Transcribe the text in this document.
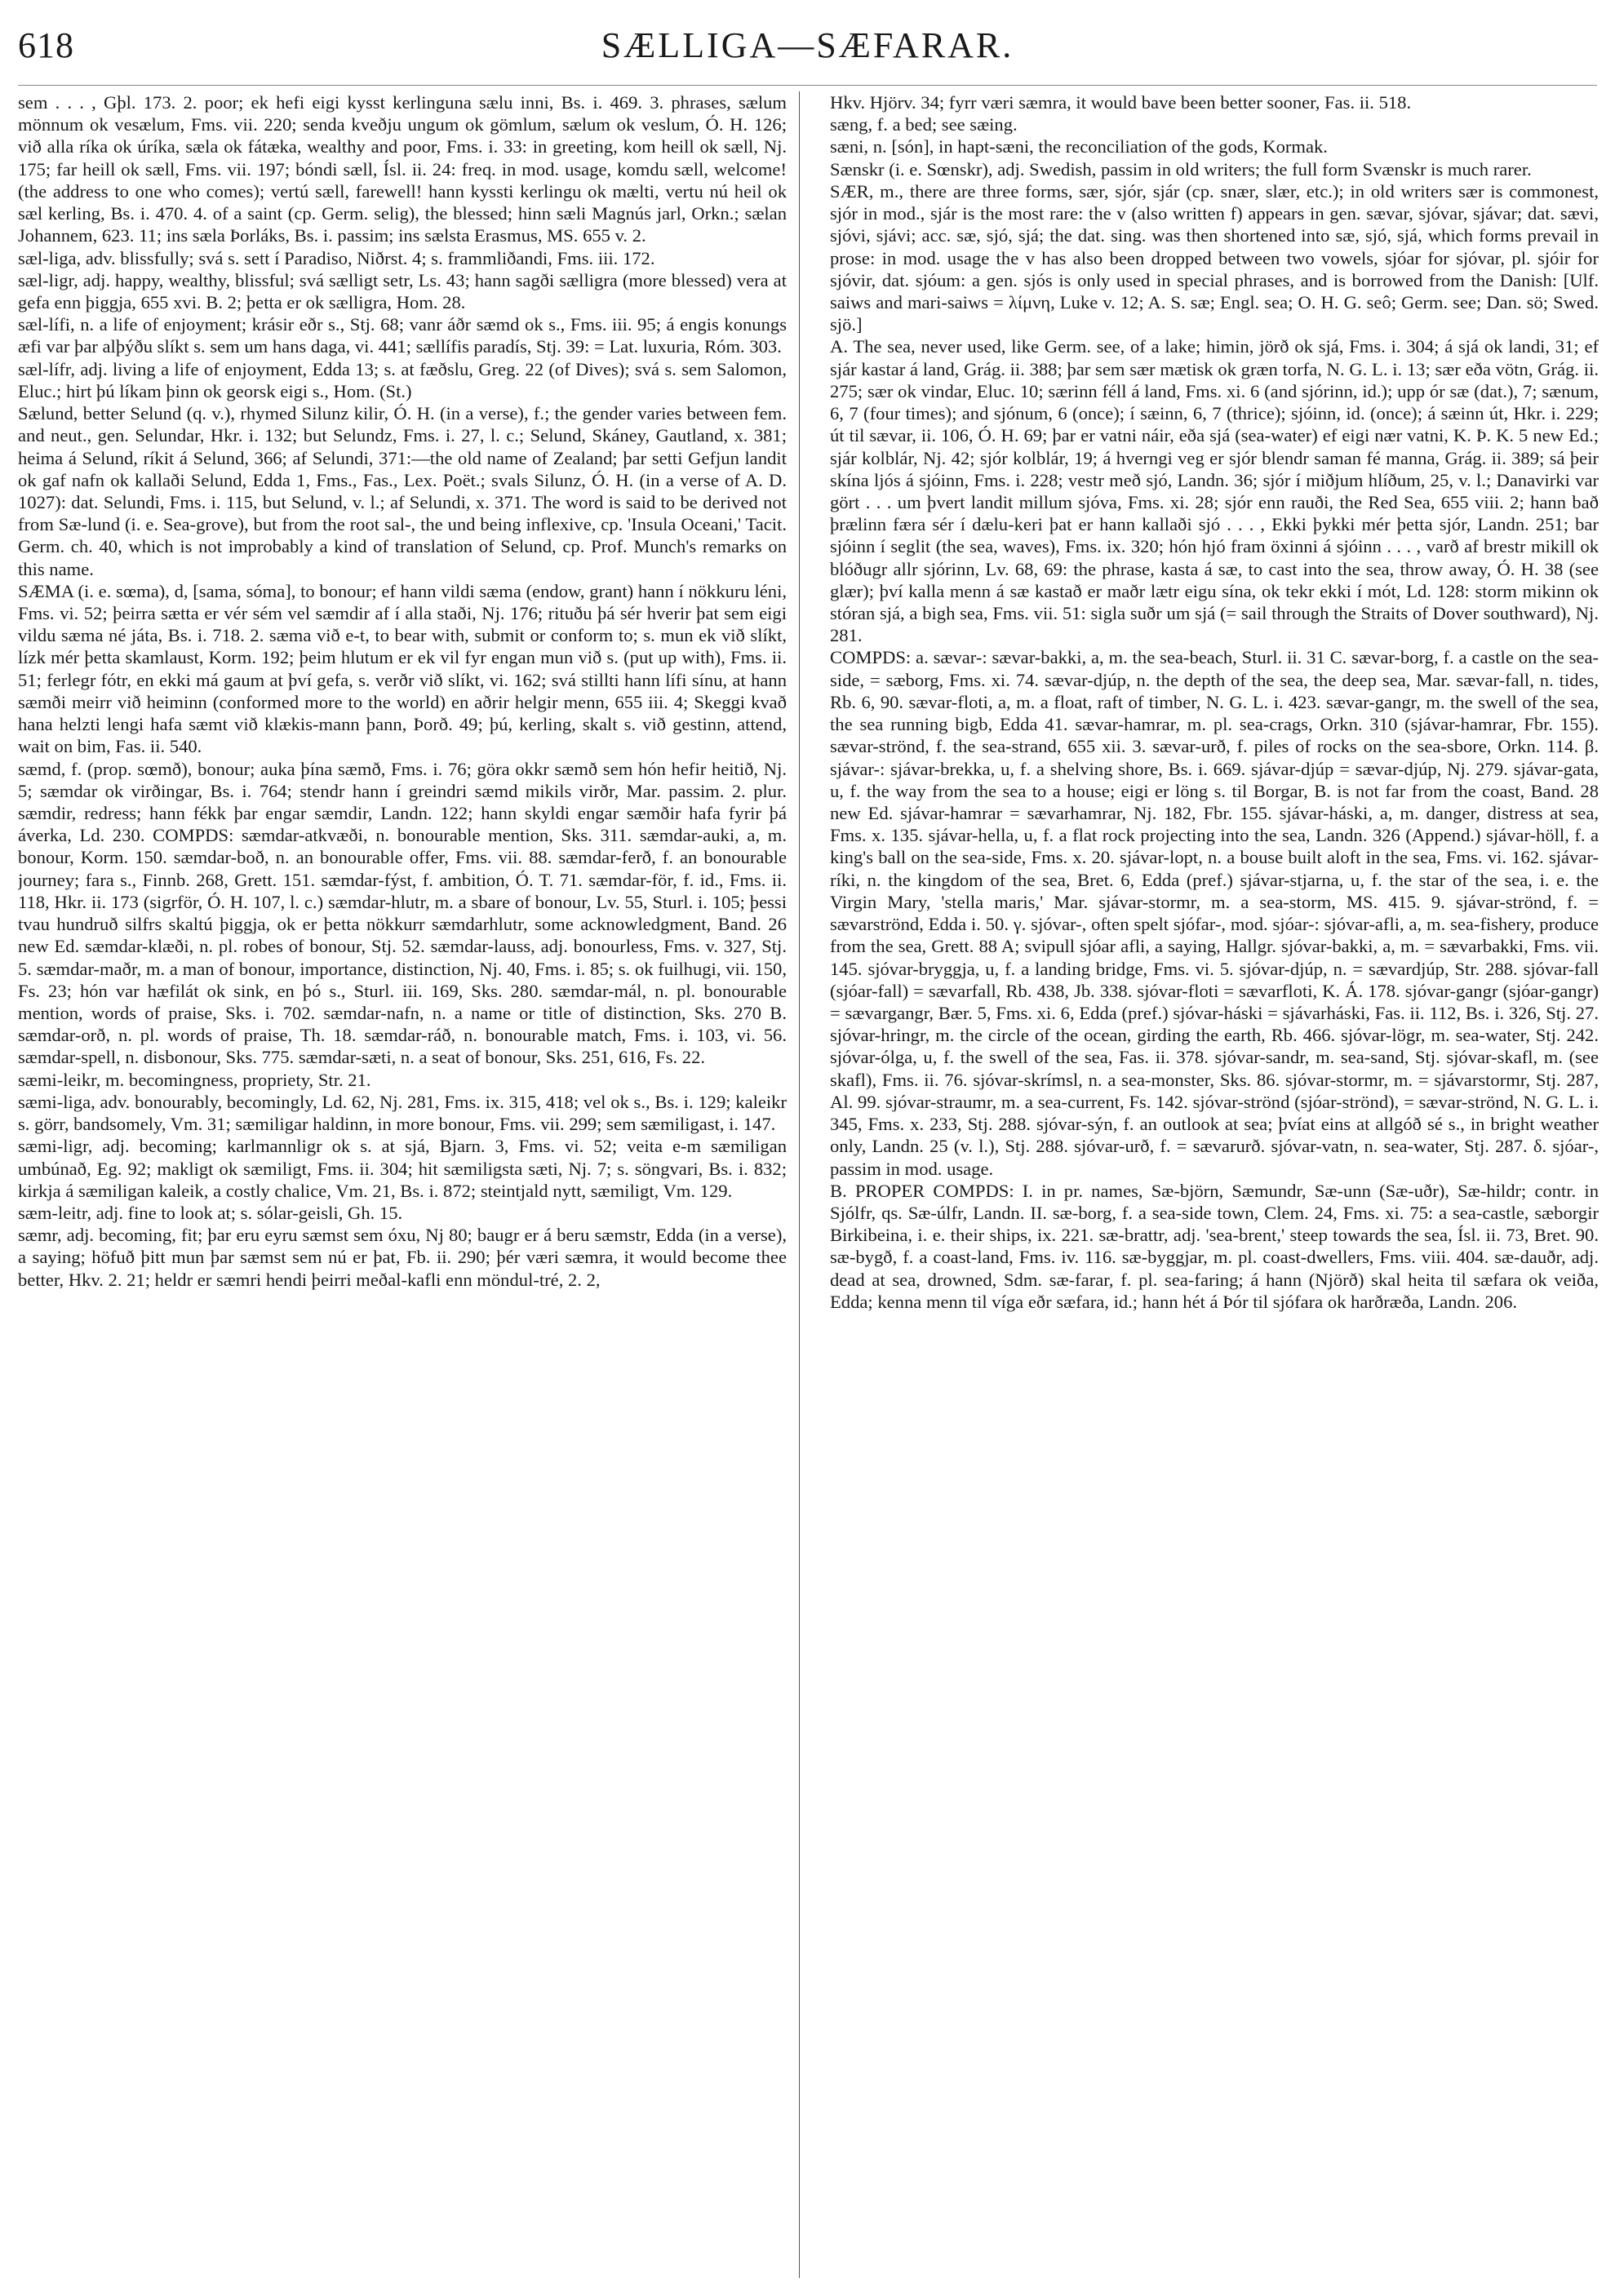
618	SÆLLIGA—SÆFARAR.

sem . . . , Gþl. 173. 2. poor; ek hefi eigi kysst kerlinguna sælu inni, Bs. i. 469. 3. phrases, sælum mönnum ok vesælum, Fms. vii. 220; senda kveðju ungum ok gömlum, sælum ok veslum, Ó. H. 126; við alla ríka ok úríka, sæla ok fátæka, wealthy and poor, Fms. i. 33: in greeting, kom heill ok sæll, Nj. 175; far heill ok sæll, Fms. vii. 197; bóndi sæll, Ísl. ii. 24: freq. in mod. usage, komdu sæll, welcome! (the address to one who comes); vertú sæll, farewell! hann kyssti kerlingu ok mælti, vertu nú heil ok sæl kerling, Bs. i. 470. 4. of a saint (cp. Germ. selig), the blessed; hinn sæli Magnús jarl, Orkn.; sælan Johannem, 623. 11; ins sæla Þorláks, Bs. i. passim; ins sælsta Erasmus, MS. 655 v. 2.

sæl-liga, adv. blissfully; svá s. sett í Paradiso, Niðrst. 4; s. frammliðandi, Fms. iii. 172.

sæl-ligr, adj. happy, wealthy, blissful; svá sælligt setr, Ls. 43; hann sagði sælligra (more blessed) vera at gefa enn þiggja, 655 xvi. B. 2; þetta er ok sælligra, Hom. 28.

sæl-lífi, n. a life of enjoyment; krásir eðr s., Stj. 68; vanr áðr sæmd ok s., Fms. iii. 95; á engis konungs æfi var þar alþýðu slíkt s. sem um hans daga, vi. 441; sællífis paradís, Stj. 39: = Lat. luxuria, Róm. 303.

sæl-lífr, adj. living a life of enjoyment, Edda 13; s. at fæðslu, Greg. 22 (of Dives); svá s. sem Salomon, Eluc.; hirt þú líkam þinn ok georsk eigi s., Hom. (St.)

Sælund, better Selund (q. v.), rhymed Silunz kilir, Ó. H. (in a verse), f.; the gender varies between fem. and neut., gen. Selundar, Hkr. i. 132; but Selundz, Fms. i. 27, l. c.; Selund, Skáney, Gautland, x. 381; heima á Selund, ríkit á Selund, 366; af Selundi, 371:—the old name of Zealand; þar setti Gefjun landit ok gaf nafn ok kallaði Selund, Edda 1, Fms., Fas., Lex. Poët.; svals Silunz, Ó. H. (in a verse of A. D. 1027): dat. Selundi, Fms. i. 115, but Selund, v. l.; af Selundi, x. 371. The word is said to be derived not from Sæ-lund (i. e. Sea-grove), but from the root sal-, the und being inflexive, cp. 'Insula Oceani,' Tacit. Germ. ch. 40, which is not improbably a kind of translation of Selund, cp. Prof. Munch's remarks on this name.

SÆMA (i. e. sœma), d, [sama, sóma], to bonour; ef hann vildi sæma (endow, grant) hann í nökkuru léni, Fms. vi. 52; þeirra sætta er vér sém vel sæmdir af í alla staði, Nj. 176; rituðu þá sér hverir þat sem eigi vildu sæma né játa, Bs. i. 718. 2. sæma við e-t, to bear with, submit or conform to; s. mun ek við slíkt, lízk mér þetta skamlaust, Korm. 192; þeim hlutum er ek vil fyr engan mun við s. (put up with), Fms. ii. 51; ferlegr fótr, en ekki má gaum at því gefa, s. verðr við slíkt, vi. 162; svá stillti hann lífi sínu, at hann sæmði meirr við heiminn (conformed more to the world) en aðrir helgir menn, 655 iii. 4; Skeggi kvað hana helzti lengi hafa sæmt við klækis-mann þann, Þorð. 49; þú, kerling, skalt s. við gestinn, attend, wait on bim, Fas. ii. 540.

sæmd, f. (prop. sœmð), bonour; auka þína sæmð, Fms. i. 76; göra okkr sæmð sem hón hefir heitið, Nj. 5; sæmdar ok virðingar, Bs. i. 764; stendr hann í greindri sæmd mikils virðr, Mar. passim. 2. plur. sæmdir, redress; hann fékk þar engar sæmdir, Landn. 122; hann skyldi engar sæmðir hafa fyrir þá áverka, Ld. 230. COMPDS: sæmdar-atkvæði, n. bonourable mention, Sks. 311. sæmdar-auki, a, m. bonour, Korm. 150. sæmdar-boð, n. an bonourable offer, Fms. vii. 88. sæmdar-ferð, f. an bonourable journey; fara s., Finnb. 268, Grett. 151. sæmdar-fýst, f. ambition, Ó. T. 71. sæmdar-för, f. id., Fms. ii. 118, Hkr. ii. 173 (sigrför, Ó. H. 107, l. c.) sæmdar-hlutr, m. a sbare of bonour, Lv. 55, Sturl. i. 105; þessi tvau hundruð silfrs skaltú þiggja, ok er þetta nökkurr sæmdarhlutr, some acknowledgment, Band. 26 new Ed. sæmdar-klæði, n. pl. robes of bonour, Stj. 52. sæmdar-lauss, adj. bonourless, Fms. v. 327, Stj. 5. sæmdar-maðr, m. a man of bonour, importance, distinction, Nj. 40, Fms. i. 85; s. ok fuilhugi, vii. 150, Fs. 23; hón var hæfilát ok sink, en þó s., Sturl. iii. 169, Sks. 280. sæmdar-mál, n. pl. bonourable mention, words of praise, Sks. i. 702. sæmdar-nafn, n. a name or title of distinction, Sks. 270 B. sæmdar-orð, n. pl. words of praise, Th. 18. sæmdar-ráð, n. bonourable match, Fms. i. 103, vi. 56. sæmdar-spell, n. disbonour, Sks. 775. sæmdar-sæti, n. a seat of bonour, Sks. 251, 616, Fs. 22.

sæmi-leikr, m. becomingness, propriety, Str. 21.

sæmi-liga, adv. bonourably, becomingly, Ld. 62, Nj. 281, Fms. ix. 315, 418; vel ok s., Bs. i. 129; kaleikr s. görr, bandsomely, Vm. 31; sæmiligar haldinn, in more bonour, Fms. vii. 299; sem sæmiligast, i. 147.

sæmi-ligr, adj. becoming; karlmannligr ok s. at sjá, Bjarn. 3, Fms. vi. 52; veita e-m sæmiligan umbúnað, Eg. 92; makligt ok sæmiligt, Fms. ii. 304; hit sæmiligsta sæti, Nj. 7; s. söngvari, Bs. i. 832; kirkja á sæmiligan kaleik, a costly chalice, Vm. 21, Bs. i. 872; steintjald nytt, sæmiligt, Vm. 129.

sæm-leitr, adj. fine to look at; s. sólar-geisli, Gh. 15.

sæmr, adj. becoming, fit; þar eru eyru sæmst sem óxu, Nj 80; baugr er á beru sæmstr, Edda (in a verse), a saying; höfuð þitt mun þar sæmst sem nú er þat, Fb. ii. 290; þér væri sæmra, it would become thee better, Hkv. 2. 21; heldr er sæmri hendi þeirri meðal-kafli enn möndul-tré, 2. 2,

Hkv. Hjörv. 34; fyrr væri sæmra, it would bave been better sooner, Fas. ii. 518.

sæng, f. a bed; see sæing.

sæni, n. [són], in hapt-sæni, the reconciliation of the gods, Kormak.

Sænskr (i. e. Sœnskr), adj. Swedish, passim in old writers; the full form Svænskr is much rarer.

SÆR, m., there are three forms, sær, sjór, sjár (cp. snær, slær, etc.); in old writers sær is commonest, sjór in mod., sjár is the most rare: the v (also written f) appears in gen. sævar, sjóvar, sjávar; dat. sævi, sjóvi, sjávi; acc. sæ, sjó, sjá; the dat. sing. was then shortened into sæ, sjó, sjá, which forms prevail in prose: in mod. usage the v has also been dropped between two vowels, sjóar for sjóvar, pl. sjóir for sjóvir, dat. sjóum: a gen. sjós is only used in special phrases, and is borrowed from the Danish: [Ulf. saiws and mari-saiws = λίμνη, Luke v. 12; A. S. sæ; Engl. sea; O. H. G. seô; Germ. see; Dan. sö; Swed. sjö.]

A. The sea, never used, like Germ. see, of a lake; himin, jörð ok sjá, Fms. i. 304; á sjá ok landi, 31; ef sjár kastar á land, Grág. ii. 388; þar sem sær mætisk ok græn torfa, N. G. L. i. 13; sær eða vötn, Grág. ii. 275; sær ok vindar, Eluc. 10; særinn féll á land, Fms. xi. 6 (and sjórinn, id.); upp ór sæ (dat.), 7; sænum, 6, 7 (four times); and sjónum, 6 (once); í sæinn, 6, 7 (thrice); sjóinn, id. (once); á sæinn út, Hkr. i. 229; út til sævar, ii. 106, Ó. H. 69; þar er vatni náir, eða sjá (sea-water) ef eigi nær vatni, K. Þ. K. 5 new Ed.; sjár kolblár, Nj. 42; sjór kolblár, 19; á hverngi veg er sjór blendr saman fé manna, Grág. ii. 389; sá þeir skína ljós á sjóinn, Fms. i. 228; vestr með sjó, Landn. 36; sjór í miðjum hlíðum, 25, v. l.; Danavirki var gört . . . um þvert landit millum sjóva, Fms. xi. 28; sjór enn rauði, the Red Sea, 655 viii. 2; hann bað þrælinn færa sér í dælu-keri þat er hann kallaði sjó . . . , Ekki þykki mér þetta sjór, Landn. 251; bar sjóinn í seglit (the sea, waves), Fms. ix. 320; hón hjó fram öxinni á sjóinn . . . , varð af brestr mikill ok blóðugr allr sjórinn, Lv. 68, 69: the phrase, kasta á sæ, to cast into the sea, throw away, Ó. H. 38 (see glær); því kalla menn á sæ kastað er maðr lætr eigu sína, ok tekr ekki í mót, Ld. 128: storm mikinn ok stóran sjá, a bigh sea, Fms. vii. 51: sigla suðr um sjá (= sail through the Straits of Dover southward), Nj. 281.

COMPDS: a. sævar-: sævar-bakki, a, m. the sea-beach, Sturl. ii. 31 C. sævar-borg, f. a castle on the sea-side, = sæborg, Fms. xi. 74. sævar-djúp, n. the depth of the sea, the deep sea, Mar. sævar-fall, n. tides, Rb. 6, 90. sævar-floti, a, m. a float, raft of timber, N. G. L. i. 423. sævar-gangr, m. the swell of the sea, the sea running bigb, Edda 41. sævar-hamrar, m. pl. sea-crags, Orkn. 310 (sjávar-hamrar, Fbr. 155). sævar-strönd, f. the sea-strand, 655 xii. 3. sævar-urð, f. piles of rocks on the sea-sbore, Orkn. 114. β. sjávar-: sjávar-brekka, u, f. a shelving shore, Bs. i. 669. sjávar-djúp = sævar-djúp, Nj. 279. sjávar-gata, u, f. the way from the sea to a house; eigi er löng s. til Borgar, B. is not far from the coast, Band. 28 new Ed. sjávar-hamrar = sævarhamrar, Nj. 182, Fbr. 155. sjávar-háski, a, m. danger, distress at sea, Fms. x. 135. sjávar-hella, u, f. a flat rock projecting into the sea, Landn. 326 (Append.) sjávar-höll, f. a king's ball on the sea-side, Fms. x. 20. sjávar-lopt, n. a bouse built aloft in the sea, Fms. vi. 162. sjávar-ríki, n. the kingdom of the sea, Bret. 6, Edda (pref.) sjávar-stjarna, u, f. the star of the sea, i. e. the Virgin Mary, 'stella maris,' Mar. sjávar-stormr, m. a sea-storm, MS. 415. 9. sjávar-strönd, f. = sævarströnd, Edda i. 50. γ. sjóvar-, often spelt sjófar-, mod. sjóar-: sjóvar-afli, a, m. sea-fishery, produce from the sea, Grett. 88 A; svipull sjóar afli, a saying, Hallgr. sjóvar-bakki, a, m. = sævarbakki, Fms. vii. 145. sjóvar-bryggja, u, f. a landing bridge, Fms. vi. 5. sjóvar-djúp, n. = sævardjúp, Str. 288. sjóvar-fall (sjóar-fall) = sævarfall, Rb. 438, Jb. 338. sjóvar-floti = sævarfloti, K. Á. 178. sjóvar-gangr (sjóar-gangr) = sævargangr, Bær. 5, Fms. xi. 6, Edda (pref.) sjóvar-háski = sjávarháski, Fas. ii. 112, Bs. i. 326, Stj. 27. sjóvar-hringr, m. the circle of the ocean, girding the earth, Rb. 466. sjóvar-lögr, m. sea-water, Stj. 242. sjóvar-ólga, u, f. the swell of the sea, Fas. ii. 378. sjóvar-sandr, m. sea-sand, Stj. sjóvar-skafl, m. (see skafl), Fms. ii. 76. sjóvar-skrímsl, n. a sea-monster, Sks. 86. sjóvar-stormr, m. = sjávarstormr, Stj. 287, Al. 99. sjóvar-straumr, m. a sea-current, Fs. 142. sjóvar-strönd (sjóar-strönd), = sævar-strönd, N. G. L. i. 345, Fms. x. 233, Stj. 288. sjóvar-sýn, f. an outlook at sea; þvíat eins at allgóð sé s., in bright weather only, Landn. 25 (v. l.), Stj. 288. sjóvar-urð, f. = sævarurð. sjóvar-vatn, n. sea-water, Stj. 287. δ. sjóar-, passim in mod. usage.

B. PROPER COMPDS: I. in pr. names, Sæ-björn, Sæmundr, Sæ-unn (Sæ-uðr), Sæ-hildr; contr. in Sjólfr, qs. Sæ-úlfr, Landn. II. sæ-borg, f. a sea-side town, Clem. 24, Fms. xi. 75: a sea-castle, sæborgir Birkibeina, i. e. their ships, ix. 221. sæ-brattr, adj. 'sea-brent,' steep towards the sea, Ísl. ii. 73, Bret. 90. sæ-bygð, f. a coast-land, Fms. iv. 116. sæ-byggjar, m. pl. coast-dwellers, Fms. viii. 404. sæ-dauðr, adj. dead at sea, drowned, Sdm. sæ-farar, f. pl. sea-faring; á hann (Njörð) skal heita til sæfara ok veiða, Edda; kenna menn til víga eðr sæfara, id.; hann hét á Þór til sjófara ok harðræða, Landn. 206.
